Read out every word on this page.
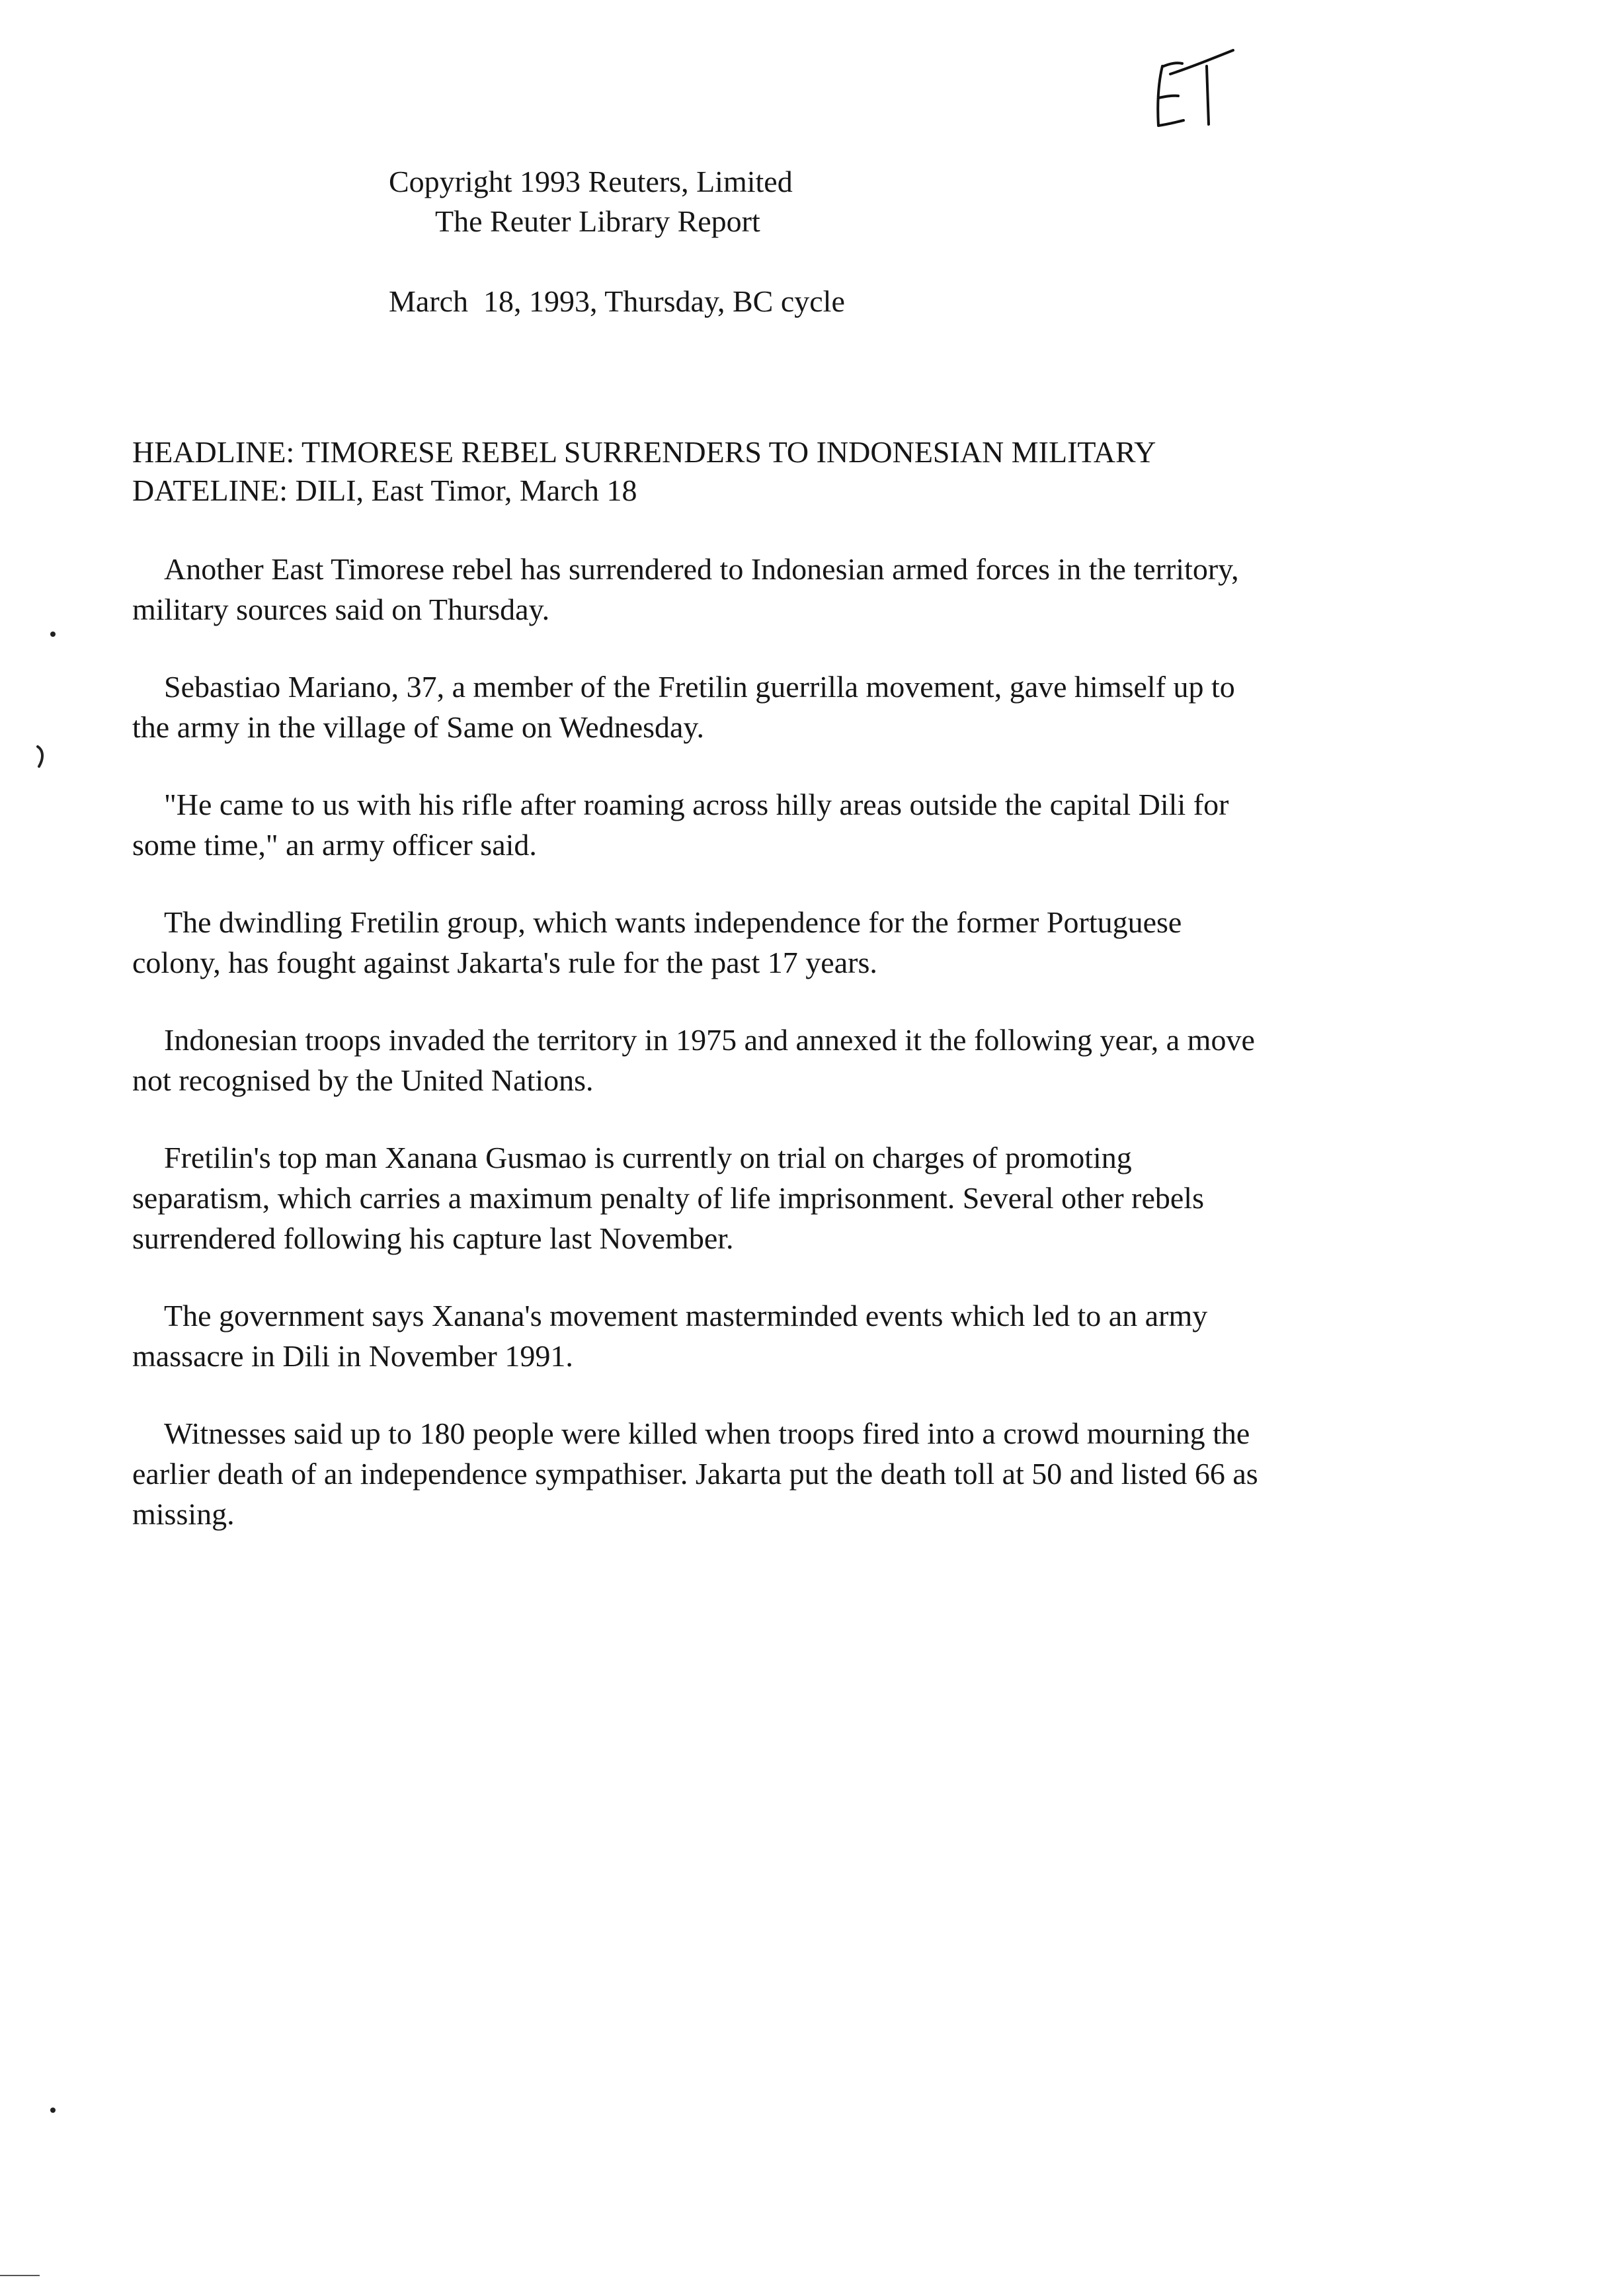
Copyright 1993 Reuters, Limited
The Reuter Library Report
March  18, 1993, Thursday, BC cycle
HEADLINE: TIMORESE REBEL SURRENDERS TO INDONESIAN MILITARY
DATELINE: DILI, East Timor, March 18

Another East Timorese rebel has surrendered to Indonesian armed forces in the territory, military sources said on Thursday.

Sebastiao Mariano, 37, a member of the Fretilin guerrilla movement, gave himself up to the army in the village of Same on Wednesday.

"He came to us with his rifle after roaming across hilly areas outside the capital Dili for some time," an army officer said.

The dwindling Fretilin group, which wants independence for the former Portuguese colony, has fought against Jakarta's rule for the past 17 years.

Indonesian troops invaded the territory in 1975 and annexed it the following year, a move not recognised by the United Nations.

Fretilin's top man Xanana Gusmao is currently on trial on charges of promoting separatism, which carries a maximum penalty of life imprisonment. Several other rebels surrendered following his capture last November.

The government says Xanana's movement masterminded events which led to an army massacre in Dili in November 1991.

Witnesses said up to 180 people were killed when troops fired into a crowd mourning the earlier death of an independence sympathiser. Jakarta put the death toll at 50 and listed 66 as missing.
